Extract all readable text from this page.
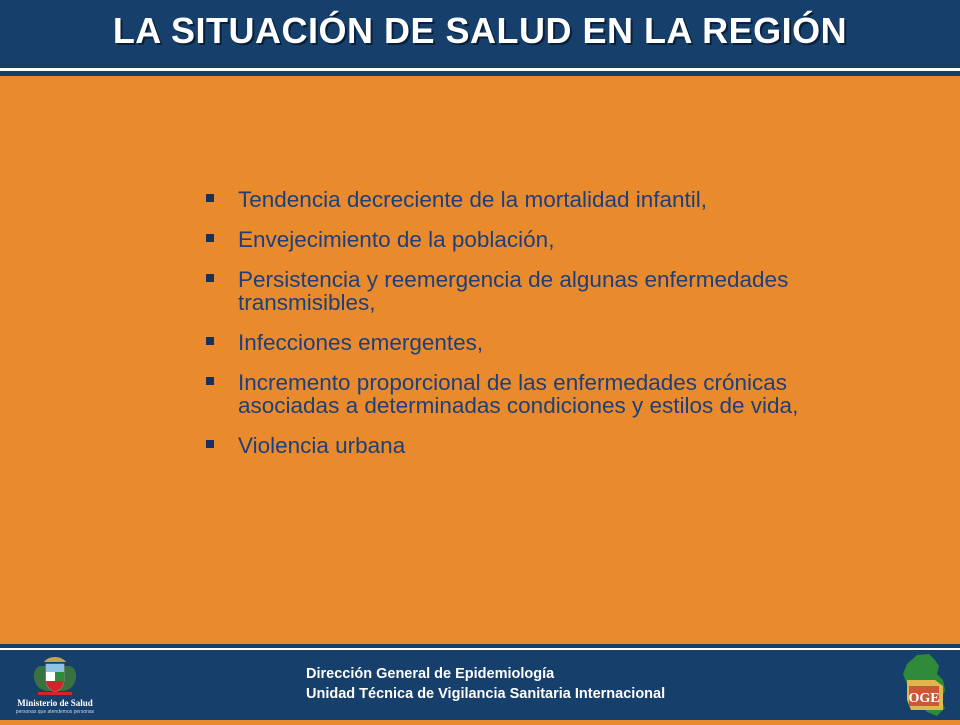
LA SITUACIÓN DE SALUD EN LA REGIÓN
Tendencia decreciente de la mortalidad infantil,
Envejecimiento de la población,
Persistencia y reemergencia de algunas enfermedades
transmisibles,
Infecciones emergentes,
Incremento proporcional de las enfermedades crónicas
asociadas a determinadas condiciones y estilos de vida,
Violencia urbana
Ministerio de Salud
personas que atendemos personas
Dirección General de Epidemiología
Unidad Técnica de Vigilancia Sanitaria Internacional	OGE
